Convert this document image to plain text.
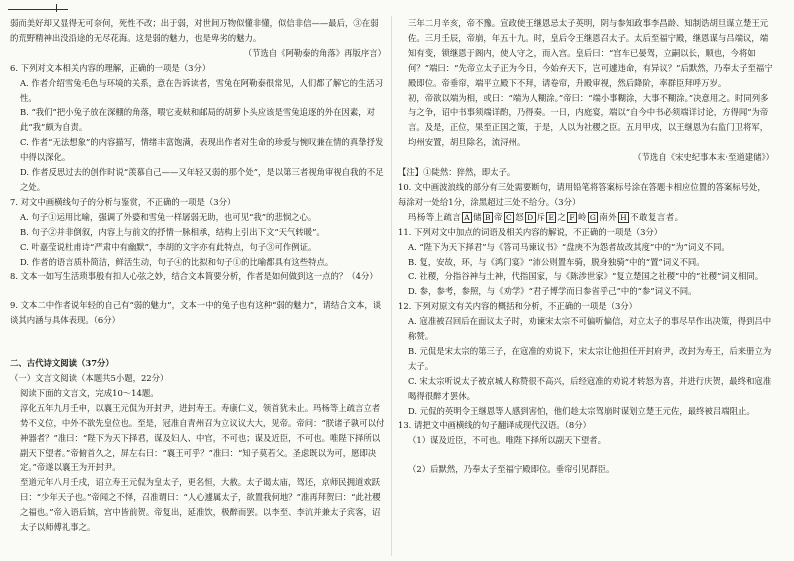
弱而美好却又显得无可奈何，死性不改；出于弱，对世间万物似懂非懂，似信非信——最后，③在弱的荒野精神出没沿途的无尽花海。这是弱的魅力，也是卑劣的魅力。
（节选自《阿勒泰的角落》再版序言）
6. 下列对文本相关内容的理解，正确的一项是（3分）
A. 作者介绍雪兔毛色与环境的关系，意在告诉读者，雪兔在阿勒泰很常见，人们都了解它的生活习性。
B. “我们”把小兔子放在深棚的角落，喂它麦麸和邮局的胡萝卜头应该是雪兔追逐的外在因素，对此“我”颇为自责。
C. 作者“无法想象”的内容描写，情绪丰富饱满，表现出作者对生命的珍爱与惋叹兼在情的真挚抒发中得以深化。
D. 作者反思过去的创作时说“羡慕自己——又年轻又弱的那个处”，是以第三者视角审视自我的不足之处。
7. 对文中画横线句子的分析与鉴赏，不正确的一项是（3分）
A. 句子①运用比喻，强调了外婆和雪兔一样孱弱无助，也可见“我”的悲悯之心。
B. 句子②并非倒叙，内容上与前文的抒情一脉相承，结构上引出下文“天气转暖”。
C. 叶嘉莹说杜甫诗“严肃中有幽默”，李胡的文字亦有此特点，句子③可作例证。
D. 作者的语言质朴简洁，鲜活生动，句子④的比拟和句子①的比喻都具有这些特点。
8. 文本一如写生活琐事般有扣人心弦之妙，结合文本简要分析，作者是如何做到这一点的？（4分）
9. 文本二中作者说年轻的自己有“弱的魅力”，文本一中的兔子也有这种“弱的魅力”，请结合文本，谈谈其内涵与具体表现。（6分）
二、古代诗文阅读（37分）
（一）文言文阅读（本题共5小题，22分）
阅读下面的文言文，完成10～14题。
淳化五年九月壬申，以襄王元侃为开封尹，进封寿王。寿康仁义，领首犹未止。玛杨等上疏言立者势不义位，中外不欲先皇位也。至是，冠准自青州召为立议议大大，见帝。帝问：“朕诸子孰可以付神器者？”准曰：“陛下为天下择君，谋及妇人、中官，不可也；谋及近臣，不可也。唯陛下择所以副天下望者。”帝俯首久之，屏左右曰：“襄王可乎？”准曰：“知子莫若父。圣虑既以为可，愿即决定。”帝遂以襄王为开封尹。
至道元年八月壬戌，诏立寿王元侃为皇太子，更名恒，大赦。太子谒太庙，驾还，京师民拥道欢跃曰：“少年天子也。”帝闻之不怿，召准谓曰：“人心遽属太子，欲置我何地？”准再拜贺曰：“此社稷之福也。”帝入语后嫔，宫中皆前贺。帝复出，延准饮，极醉而罢。以李至、李沆并兼太子宾客，诏太子以师傅礼事之。
三年二月辛亥，帝不豫。宣政使王继恩忌太子英明，阴与参知政事李昌龄、知制诰胡旦谋立楚王元佐。三月壬辰，帝崩，年五十九。时，皇后令王继恩召太子。太后至福宁殿，继恩谋与吕端议，端知有变，锁继恩于阁内，使人守之，而入宫。皇后曰：“宫车已晏驾，立嗣以长，顺也，今将如何？”端曰：“先帝立太子正为今日，今始弃天下，岂可遽违命，有异议？”后默然，乃奉太子至福宁殿即位。帝垂帘，端平立殿下不拜，请卷帘，升殿审视，然后降阶，率群臣拜呼万岁。
初，帝欲以端为相，或曰：“端为人糊涂。”帝曰：“端小事糊涂，大事不糊涂。”决意用之。时同列多与之争，诏中书事须端详酌，乃得奏。一日，内庭宴，端以“自今中书必须端详讨论，方得闻”为帝言。及是，正位，果至正国之策，于是，人以为社稷之臣。五月甲戌，以王继恩为右监门卫将军，均州安置，胡旦除名，流浔州。
（节选自《宋史纪事本末·至道建储》）
【注】①陡然：猝然，即太子。
10. 文中画波浪线的部分有三处需要断句，请用铅笔将答案标号涂在答题卡相应位置的答案标号处，每涂对一处给1分，涂黑超过三处不给分。（3分）
玛杨等上疏言 A 储 B 帝 C 怒 D 斥 E 之 F 岭 G 南外 H 不敢复言者。
11. 下列对文中加点的词语及相关内容的解说，不正确的一项是（3分）
A. “陛下为天下择君”与《答司马谏议书》“盘庚不为怨者故改其度”中的“为”词义不同。
B. 复，安故，环，与《鸿门宴》“沛公则置车骑，脱身独骑”中的“置”词义不同。
C. 社稷，分指谷神与土神，代指国家，与《陈涉世家》“复立楚国之社稷”中的“社稷”词义相同。
D. 参，参考，参照，与《劝学》“君子博学而日参省乎己”中的“参”词义不同。
12. 下列对原文有关内容的概括和分析，不正确的一项是（3分）
A. 寇准被召回后在面议太子时，劝谏宋太宗不可偏听偏信，对立太子的事尽早作出决策，得到吕中称赞。
B. 元侃是宋太宗的第三子，在寇准的劝说下，宋太宗让他担任开封府尹，改封为寿王，后来册立为太子。
C. 宋太宗听说太子被京城人称赞很不高兴，后经寇准的劝说才转怒为喜，并进行庆贺，最终和寇准喝得很醉才罢休。
D. 元侃的英明令王继恩等人感到害怕，他们趁太宗驾崩时谋划立楚王元佐，最终被吕端阻止。
13. 请把文中画横线的句子翻译成现代汉语。（8分）
（1）谋及近臣，不可也。唯陛下择所以副天下望者。
（2）后默然，乃奉太子至福宁殿即位。垂帘引见群臣。
